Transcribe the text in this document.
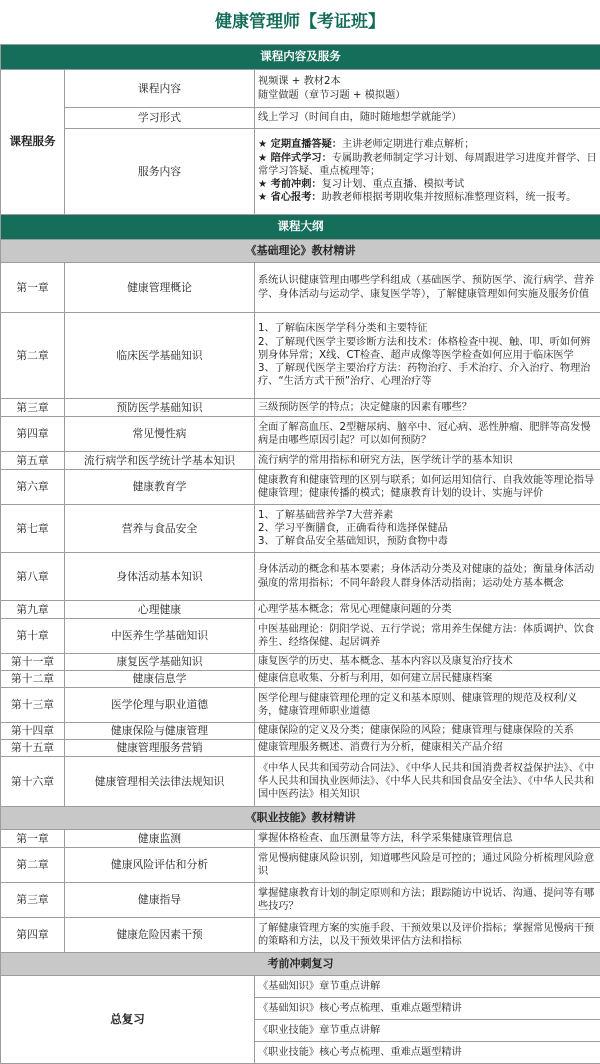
健康管理师【考证班】
课程内容及服务		
课程服务	课程内容	视频课 + 教材2本
随堂做题（章节习题 + 模拟题）

	学习形式	线上学习（时间自由，随时随地想学就能学）

	服务内容	★ 定期直播答疑：主讲老师定期进行难点解析；
★ 陪伴式学习：专属助教老师制定学习计划、每周跟进学习进度并督学、日常学习答疑、重点梳理等；
★ 考前冲刺：复习计划、重点直播、模拟考试
★ 省心报考：助教老师根据考期收集并按照标准整理资料，统一报考。

课程大纲		
《基础理论》教材精讲		
第一章	健康管理概论	系统认识健康管理由哪些学科组成（基础医学、预防医学、流行病学、营养学、身体活动与运动学、康复医学等），了解健康管理如何实施及服务价值
第二章	临床医学基础知识	1、了解临床医学学科分类和主要特征
2、了解现代医学主要诊断方法和技术：体格检查中视、触、叩、听如何辨别身体异常；X线、CT检查、超声成像等医学检查如何应用于临床医学
3、了解现代医学主要治疗方法：药物治疗、手术治疗、介入治疗、物理治疗、“生活方式干预”治疗、心理治疗等

第三章	预防医学基础知识	三级预防医学的特点；决定健康的因素有哪些？
第四章	常见慢性病	全面了解高血压、2型糖尿病、脑卒中、冠心病、恶性肿瘤、肥胖等高发慢病是由哪些原因引起？可以如何预防？
第五章	流行病学和医学统计学基本知识	流行病学的常用指标和研究方法，医学统计学的基本知识
第六章	健康教育学	健康教育和健康管理的区别与联系；如何运用知信行、自我效能等理论指导健康管理；健康传播的模式；健康教育计划的设计、实施与评价
第七章	营养与食品安全	1、了解基础营养学7大营养素
2、学习平衡膳食，正确看待和选择保健品
3、了解食品安全基础知识，预防食物中毒

第八章	身体活动基本知识	身体活动的概念和基本要素；身体活动分类及对健康的益处；衡量身体活动强度的常用指标；不同年龄段人群身体活动指南；运动处方基本概念
第九章	心理健康	心理学基本概念；常见心理健康问题的分类
第十章	中医养生学基础知识	中医基础理论：阴阳学说、五行学说；常用养生保健方法：体质调护、饮食养生、经络保健、起居调养
第十一章	康复医学基础知识	康复医学的历史、基本概念、基本内容以及康复治疗技术
第十二章	健康信息学	健康信息收集、分析与利用，如何建立居民健康档案
第十三章	医学伦理与职业道德	医学伦理与健康管理伦理的定义和基本原则、健康管理的规范及权利/义务，健康管理师职业道德
第十四章	健康保险与健康管理	健康保险的定义及分类；健康保险的风险；健康管理与健康保险的关系
第十五章	健康管理服务营销	健康管理服务概述、消费行为分析，健康相关产品介绍
第十六章	健康管理相关法律法规知识	《中华人民共和国劳动合同法》、《中华人民共和国消费者权益保护法》、《中华人民共和国执业医师法》、《中华人民共和国食品安全法》、《中华人民共和国中医药法》相关知识
《职业技能》教材精讲		
第一章	健康监测	掌握体格检查、血压测量等方法，科学采集健康管理信息
第二章	健康风险评估和分析	常见慢病健康风险识别，知道哪些风险是可控的；通过风险分析梳理风险意识
第三章	健康指导	掌握健康教育计划的制定原则和方法；跟踪随访中说话、沟通、提问等有哪些技巧？
第四章	健康危险因素干预	了解健康管理方案的实施手段、干预效果以及评价指标；掌握常见慢病干预的策略和方法，以及干预效果评估方法和指标
考前冲刺复习		
总复习		《基础知识》章节重点讲解
		《基础知识》核心考点梳理、重难点题型精讲
		《职业技能》章节重点讲解
		《职业技能》核心考点梳理、重难点题型精讲
